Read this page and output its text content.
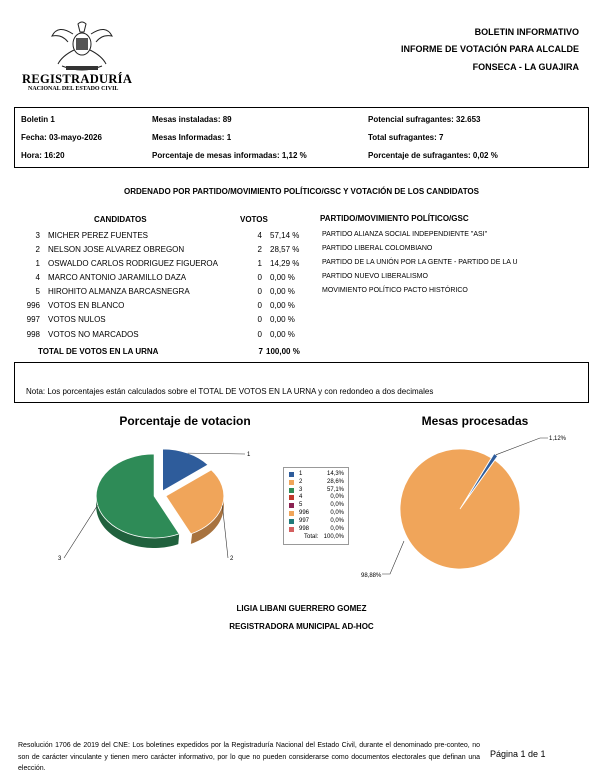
REGISTRADURÍA
NACIONAL DEL ESTADO CIVIL
BOLETIN INFORMATIVO
INFORME DE VOTACIÓN PARA ALCALDE
FONSECA - LA GUAJIRA
Boletin 1
Fecha: 03-mayo-2026
Hora: 16:20
Mesas instaladas: 89
Mesas Informadas: 1
Porcentaje de mesas informadas: 1,12 %
Potencial sufragantes: 32.653
Total sufragantes: 7
Porcentaje de sufragantes: 0,02 %
ORDENADO POR PARTIDO/MOVIMIENTO POLÍTICO/GSC Y VOTACIÓN DE LOS CANDIDATOS
CANDIDATOS	VOTOS	PARTIDO/MOVIMIENTO POLÍTICO/GSC
3 MICHER PEREZ FUENTES	4 57,14 %	PARTIDO ALIANZA SOCIAL INDEPENDIENTE "ASI"
2 NELSON JOSE ALVAREZ OBREGON	2 28,57 %	PARTIDO LIBERAL COLOMBIANO
1 OSWALDO CARLOS RODRIGUEZ FIGUEROA	1 14,29 %	PARTIDO DE LA UNIÓN POR LA GENTE - PARTIDO DE LA U
4 MARCO ANTONIO JARAMILLO DAZA	0 0,00 %	PARTIDO NUEVO LIBERALISMO
5 HIROHITO ALMANZA BARCASNEGRA	0 0,00 %	MOVIMIENTO POLÍTICO PACTO HISTÓRICO
996 VOTOS EN BLANCO	0 0,00 %
997 VOTOS NULOS	0 0,00 %
998 VOTOS NO MARCADOS	0 0,00 %
TOTAL DE VOTOS EN LA URNA	7 100,00 %
Nota: Los porcentajes están calculados sobre el TOTAL DE VOTOS EN LA URNA y con redondeo a dos decimales
Porcentaje de votacion
1
2
3
1	14,3%
2	28,6%
3	57,1%
4	0,0%
5	0,0%
996	0,0%
997	0,0%
998	0,0%
Total: 100,0%
Mesas procesadas
1,12%
98,88%
LIGIA LIBANI GUERRERO GOMEZ
REGISTRADORA MUNICIPAL AD-HOC
Resolución 1706 de 2019 del CNE: Los boletines expedidos por la Registraduría Nacional del Estado Civil, durante el denominado pre-conteo, no son de carácter vinculante y tienen mero carácter informativo, por lo que no pueden considerarse como documentos electorales que definan una elección.
Página 1 de 1
